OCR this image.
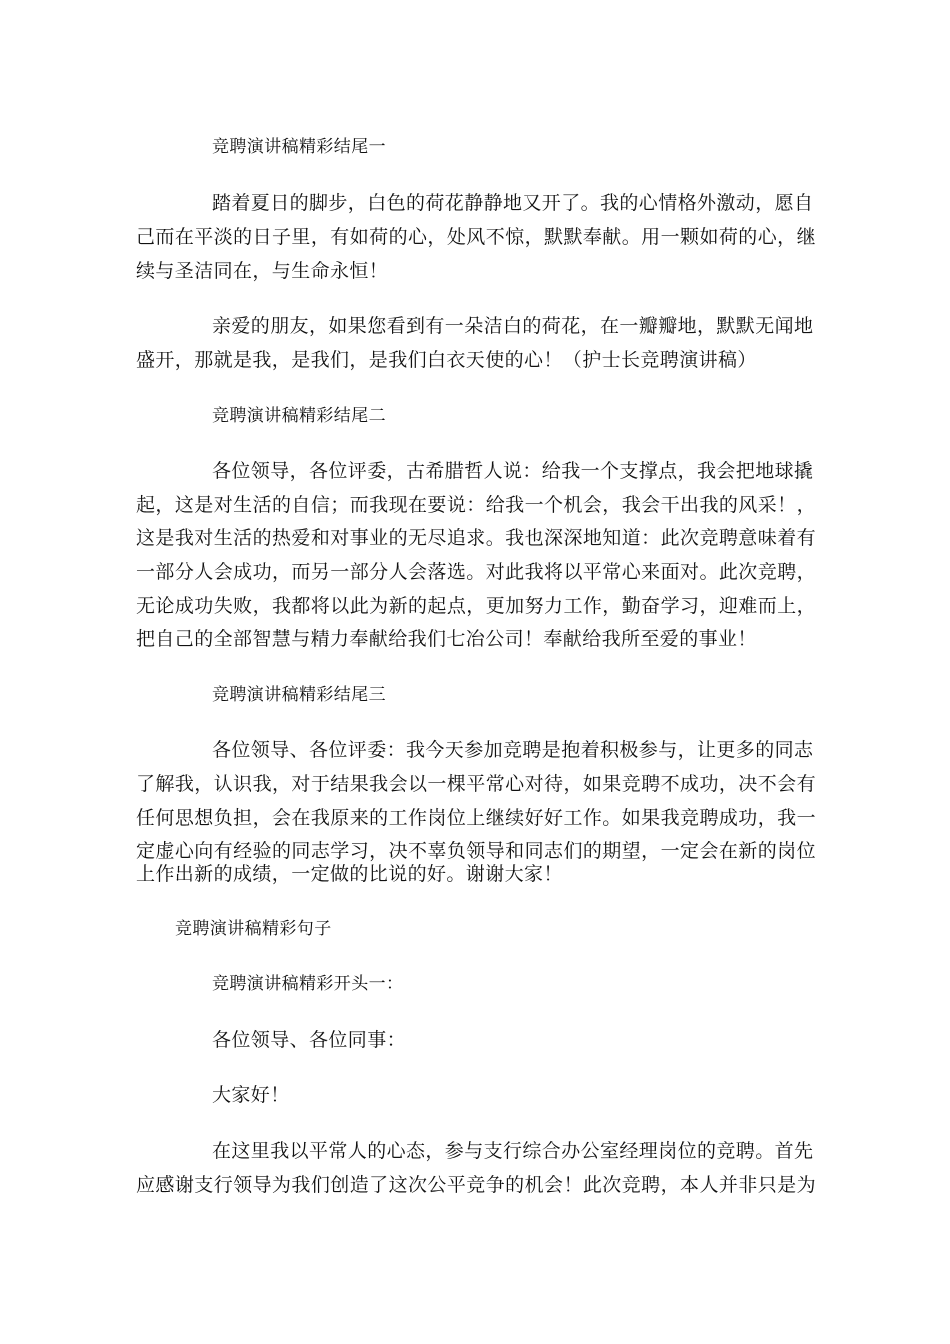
竞聘演讲稿精彩结尾一
踏着夏日的脚步，白色的荷花静静地又开了。我的心情格外激动，愿自
己而在平淡的日子里，有如荷的心，处风不惊，默默奉献。用一颗如荷的心，继
续与圣洁同在，与生命永恒！
亲爱的朋友，如果您看到有一朵洁白的荷花，在一瓣瓣地，默默无闻地
盛开，那就是我，是我们，是我们白衣天使的心！（护士长竞聘演讲稿）
竞聘演讲稿精彩结尾二
各位领导，各位评委，古希腊哲人说：给我一个支撑点，我会把地球撬
起，这是对生活的自信；而我现在要说：给我一个机会，我会干出我的风采！，
这是我对生活的热爱和对事业的无尽追求。我也深深地知道：此次竞聘意味着有
一部分人会成功，而另一部分人会落选。对此我将以平常心来面对。此次竞聘，
无论成功失败，我都将以此为新的起点，更加努力工作，勤奋学习，迎难而上，
把自己的全部智慧与精力奉献给我们七冶公司！奉献给我所至爱的事业！
竞聘演讲稿精彩结尾三
各位领导、各位评委：我今天参加竞聘是抱着积极参与，让更多的同志
了解我，认识我，对于结果我会以一棵平常心对待，如果竞聘不成功，决不会有
任何思想负担，会在我原来的工作岗位上继续好好工作。如果我竞聘成功，我一
定虚心向有经验的同志学习，决不辜负领导和同志们的期望，一定会在新的岗位
上作出新的成绩，一定做的比说的好。谢谢大家！
竞聘演讲稿精彩句子
竞聘演讲稿精彩开头一：
各位领导、各位同事：
大家好！
在这里我以平常人的心态，参与支行综合办公室经理岗位的竞聘。首先
应感谢支行领导为我们创造了这次公平竞争的机会！此次竞聘，本人并非只是为
